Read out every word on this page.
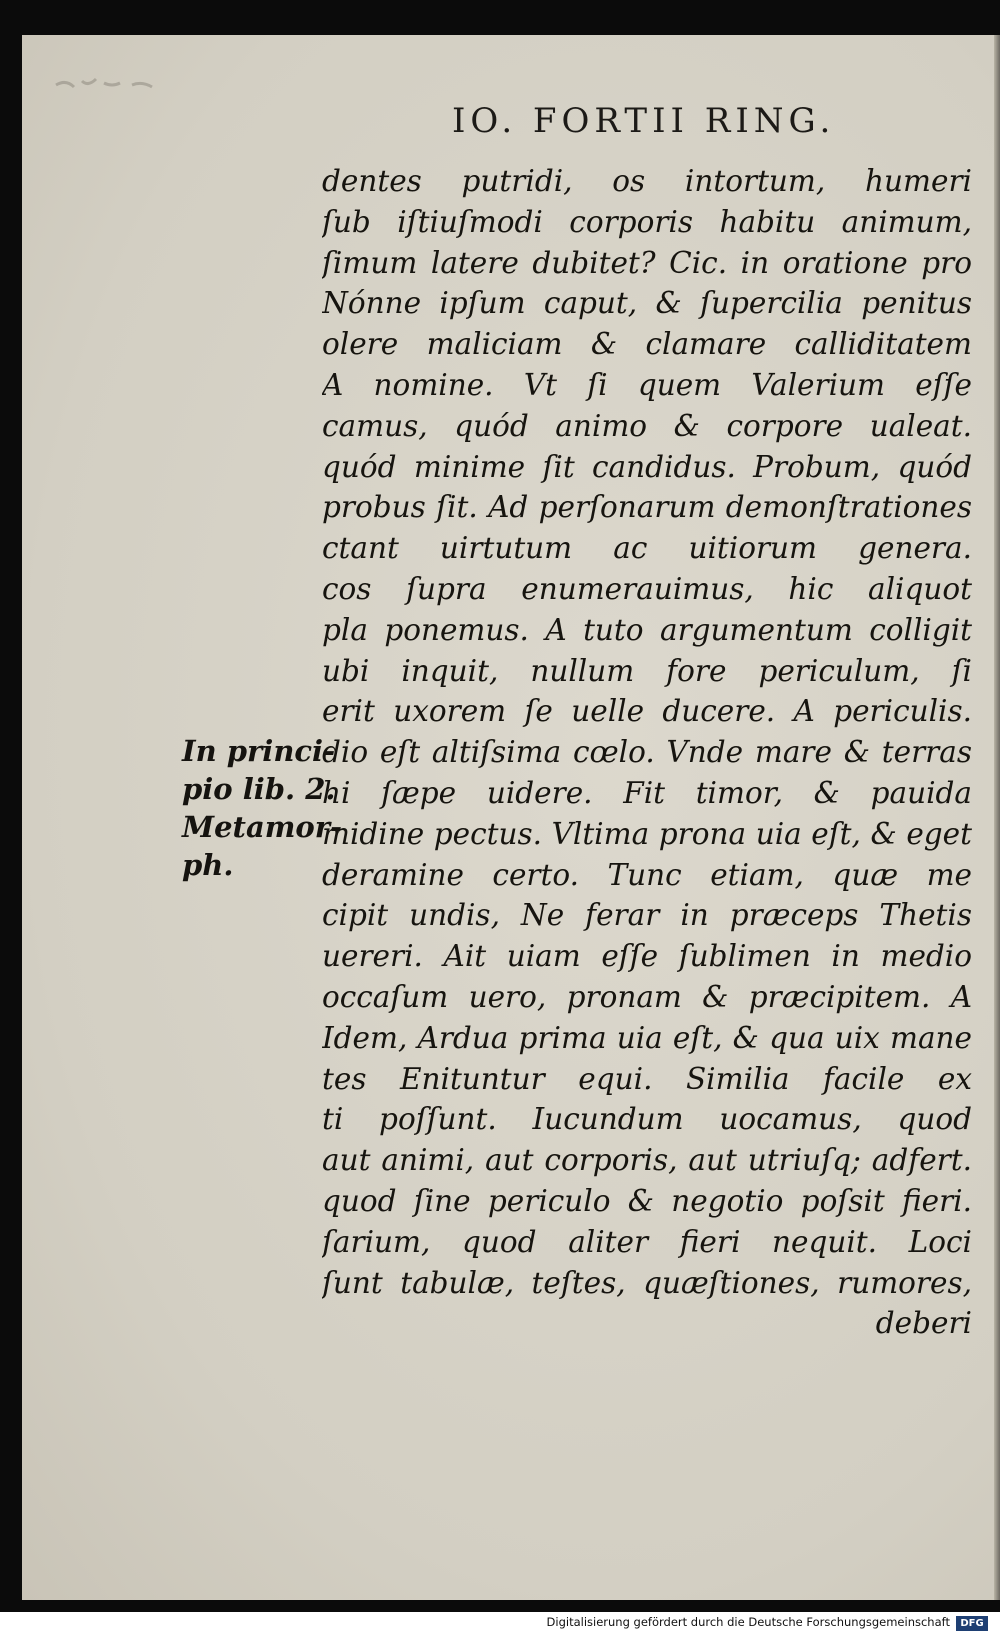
IO. FORTII RING.
In princi-
pio lib. 2.
Metamor-
ph.
dentes putridi, os intortum, humeri
ſub iſtiuſmodi corporis habitu animum,
ſimum latere dubitet? Cic. in oratione pro
Nónne ipſum caput, & ſupercilia penitus
olere maliciam & clamare calliditatem
A nomine. Vt ſi quem Valerium eſſe
camus, quód animo & corpore ualeat.
quód minime ſit candidus. Probum, quód
probus ſit. Ad perſonarum demonſtrationes
ctant uirtutum ac uitiorum genera.
cos ſupra enumerauimus, hic aliquot
pla ponemus. A tuto argumentum colligit
ubi inquit, nullum fore periculum, ſi
erit uxorem ſe uelle ducere. A periculis.
dio eſt altiſsima cœlo. Vnde mare & terras
hi ſæpe uidere. Fit timor, & pauida
midine pectus. Vltima prona uia eſt, & eget
deramine certo. Tunc etiam, quæ me
cipit undis, Ne ferar in præceps Thetis
uereri. Ait uiam eſſe ſublimen in medio
occaſum uero, pronam & præcipitem. A
Idem, Ardua prima uia eſt, & qua uix mane
tes Enituntur equi. Similia facile ex
ti poſſunt. Iucundum uocamus, quod
aut animi, aut corporis, aut utriuſq; adfert.
quod ſine periculo & negotio poſsit fieri.
ſarium, quod aliter fieri nequit. Loci
ſunt tabulæ, teſtes, quæſtiones, rumores,
deberi
Digitalisierung gefördert durch die Deutsche Forschungsgemeinschaft	DFG
